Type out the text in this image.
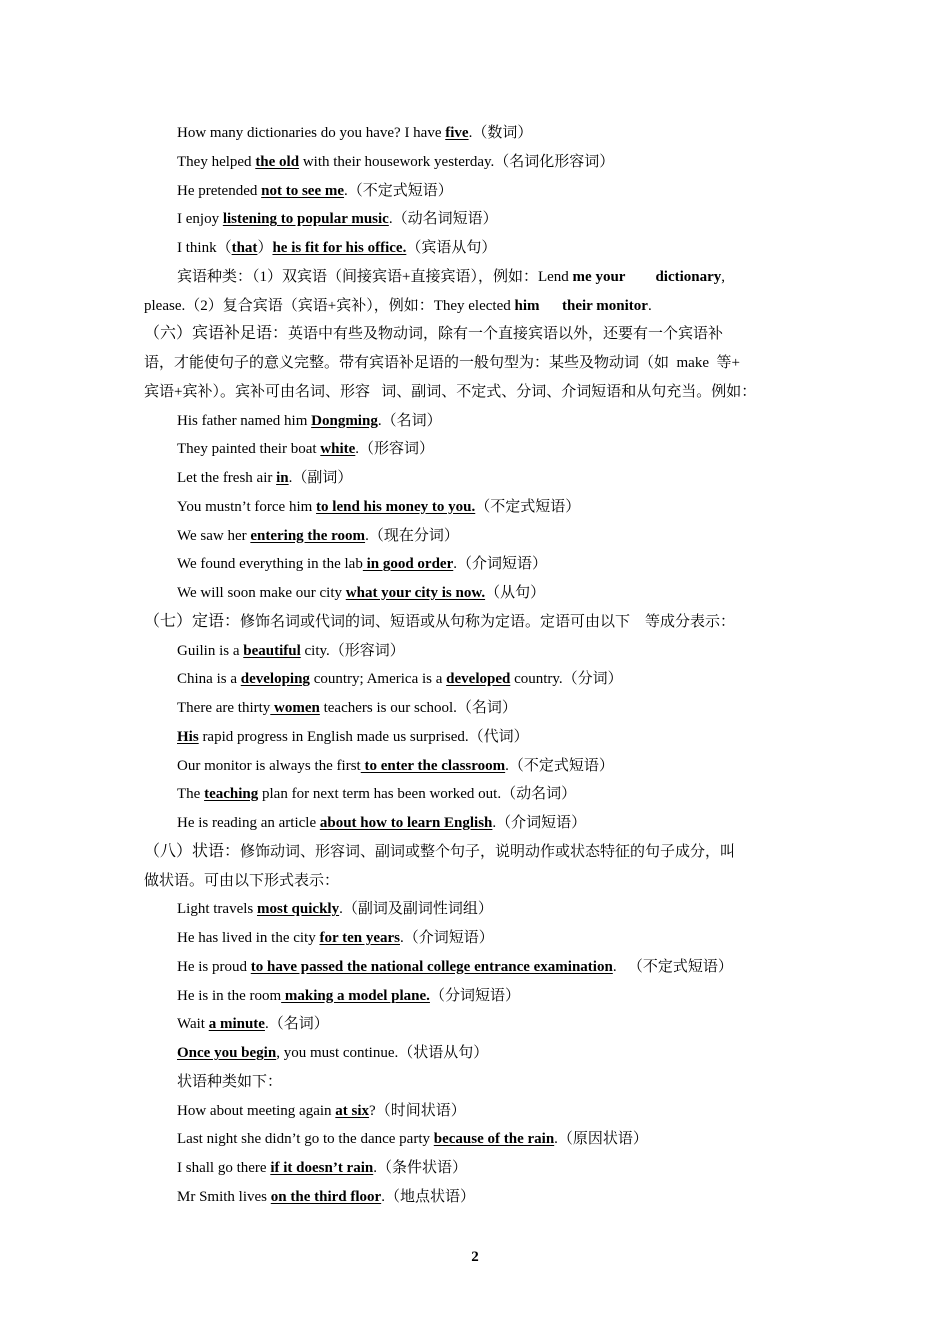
How many dictionaries do you have? I have five.（数词）
They helped the old with their housework yesterday.（名词化形容词）
He pretended not to see me.（不定式短语）
I enjoy listening to popular music.（动名词短语）
I think（that）he is fit for his office.（宾语从句）
宾语种类：（1）双宾语（间接宾语+直接宾语），例如：Lend me your dictionary,
please.（2）复合宾语（宾语+宾补），例如：They elected him their monitor.
（六）宾语补足语：英语中有些及物动词，除有一个直接宾语以外，还要有一个宾语补
语，才能使句子的意义完整。带有宾语补足语的一般句型为：某些及物动词（如  make  等+
宾语+宾补）。宾补可由名词、形容   词、副词、不定式、分词、介词短语和从句充当。例如：
His father named him Dongming.（名词）
They painted their boat white.（形容词）
Let the fresh air in.（副词）
You mustn’t force him to lend his money to you.（不定式短语）
We saw her entering the room.（现在分词）
We found everything in the lab in good order.（介词短语）
We will soon make our city what your city is now.（从句）
（七）定语：修饰名词或代词的词、短语或从句称为定语。定语可由以下    等成分表示：
Guilin is a beautiful city.（形容词）
China is a developing country; America is a developed country.（分词）
There are thirty women teachers is our school.（名词）
His rapid progress in English made us surprised.（代词）
Our monitor is always the first to enter the classroom.（不定式短语）
The teaching plan for next term has been worked out.（动名词）
He is reading an article about how to learn English.（介词短语）
（八）状语：修饰动词、形容词、副词或整个句子，说明动作或状态特征的句子成分，叫
做状语。可由以下形式表示：
Light travels most quickly.（副词及副词性词组）
He has lived in the city for ten years.（介词短语）
He is proud to have passed the national college entrance examination.   （不定式短语）
He is in the room making a model plane.（分词短语）
Wait a minute.（名词）
Once you begin, you must continue.（状语从句）
状语种类如下：
How about meeting again at six?（时间状语）
Last night she didn’t go to the dance party because of the rain.（原因状语）
I shall go there if it doesn’t rain.（条件状语）
Mr Smith lives on the third floor.（地点状语）
2
